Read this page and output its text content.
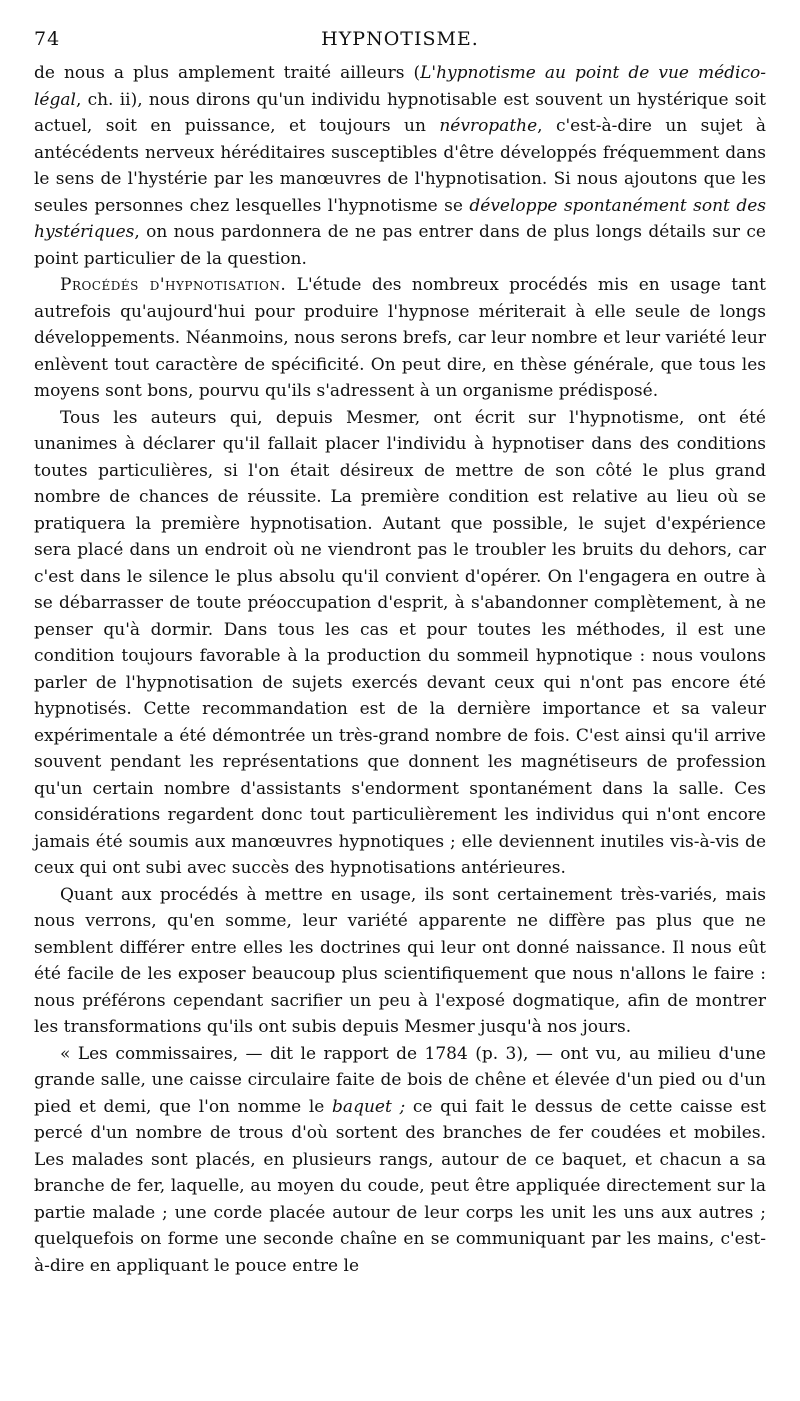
74	HYPNOTISME.

de nous a plus amplement traité ailleurs (L'hypnotisme au point de vue médico-légal, ch. ii), nous dirons qu'un individu hypnotisable est souvent un hystérique soit actuel, soit en puissance, et toujours un névropathe, c'est-à-dire un sujet à antécédents nerveux héréditaires susceptibles d'être développés fréquemment dans le sens de l'hystérie par les manœuvres de l'hypnotisation. Si nous ajoutons que les seules personnes chez lesquelles l'hypnotisme se développe spontanément sont des hystériques, on nous pardonnera de ne pas entrer dans de plus longs détails sur ce point particulier de la question.

Procédés d'hypnotisation. L'étude des nombreux procédés mis en usage tant autrefois qu'aujourd'hui pour produire l'hypnose mériterait à elle seule de longs développements. Néanmoins, nous serons brefs, car leur nombre et leur variété leur enlèvent tout caractère de spécificité. On peut dire, en thèse générale, que tous les moyens sont bons, pourvu qu'ils s'adressent à un organisme prédisposé.

Tous les auteurs qui, depuis Mesmer, ont écrit sur l'hypnotisme, ont été unanimes à déclarer qu'il fallait placer l'individu à hypnotiser dans des conditions toutes particulières, si l'on était désireux de mettre de son côté le plus grand nombre de chances de réussite. La première condition est relative au lieu où se pratiquera la première hypnotisation. Autant que possible, le sujet d'expérience sera placé dans un endroit où ne viendront pas le troubler les bruits du dehors, car c'est dans le silence le plus absolu qu'il convient d'opérer. On l'engagera en outre à se débarrasser de toute préoccupation d'esprit, à s'abandonner complètement, à ne penser qu'à dormir. Dans tous les cas et pour toutes les méthodes, il est une condition toujours favorable à la production du sommeil hypnotique : nous voulons parler de l'hypnotisation de sujets exercés devant ceux qui n'ont pas encore été hypnotisés. Cette recommandation est de la dernière importance et sa valeur expérimentale a été démontrée un très-grand nombre de fois. C'est ainsi qu'il arrive souvent pendant les représentations que donnent les magnétiseurs de profession qu'un certain nombre d'assistants s'endorment spontanément dans la salle. Ces considérations regardent donc tout particulièrement les individus qui n'ont encore jamais été soumis aux manœuvres hypnotiques ; elle deviennent inutiles vis-à-vis de ceux qui ont subi avec succès des hypnotisations antérieures.

Quant aux procédés à mettre en usage, ils sont certainement très-variés, mais nous verrons, qu'en somme, leur variété apparente ne diffère pas plus que ne semblent différer entre elles les doctrines qui leur ont donné naissance. Il nous eût été facile de les exposer beaucoup plus scientifiquement que nous n'allons le faire : nous préférons cependant sacrifier un peu à l'exposé dogmatique, afin de montrer les transformations qu'ils ont subis depuis Mesmer jusqu'à nos jours.

« Les commissaires, — dit le rapport de 1784 (p. 3), — ont vu, au milieu d'une grande salle, une caisse circulaire faite de bois de chêne et élevée d'un pied ou d'un pied et demi, que l'on nomme le baquet ; ce qui fait le dessus de cette caisse est percé d'un nombre de trous d'où sortent des branches de fer coudées et mobiles. Les malades sont placés, en plusieurs rangs, autour de ce baquet, et chacun a sa branche de fer, laquelle, au moyen du coude, peut être appliquée directement sur la partie malade ; une corde placée autour de leur corps les unit les uns aux autres ; quelquefois on forme une seconde chaîne en se communiquant par les mains, c'est-à-dire en appliquant le pouce entre le
